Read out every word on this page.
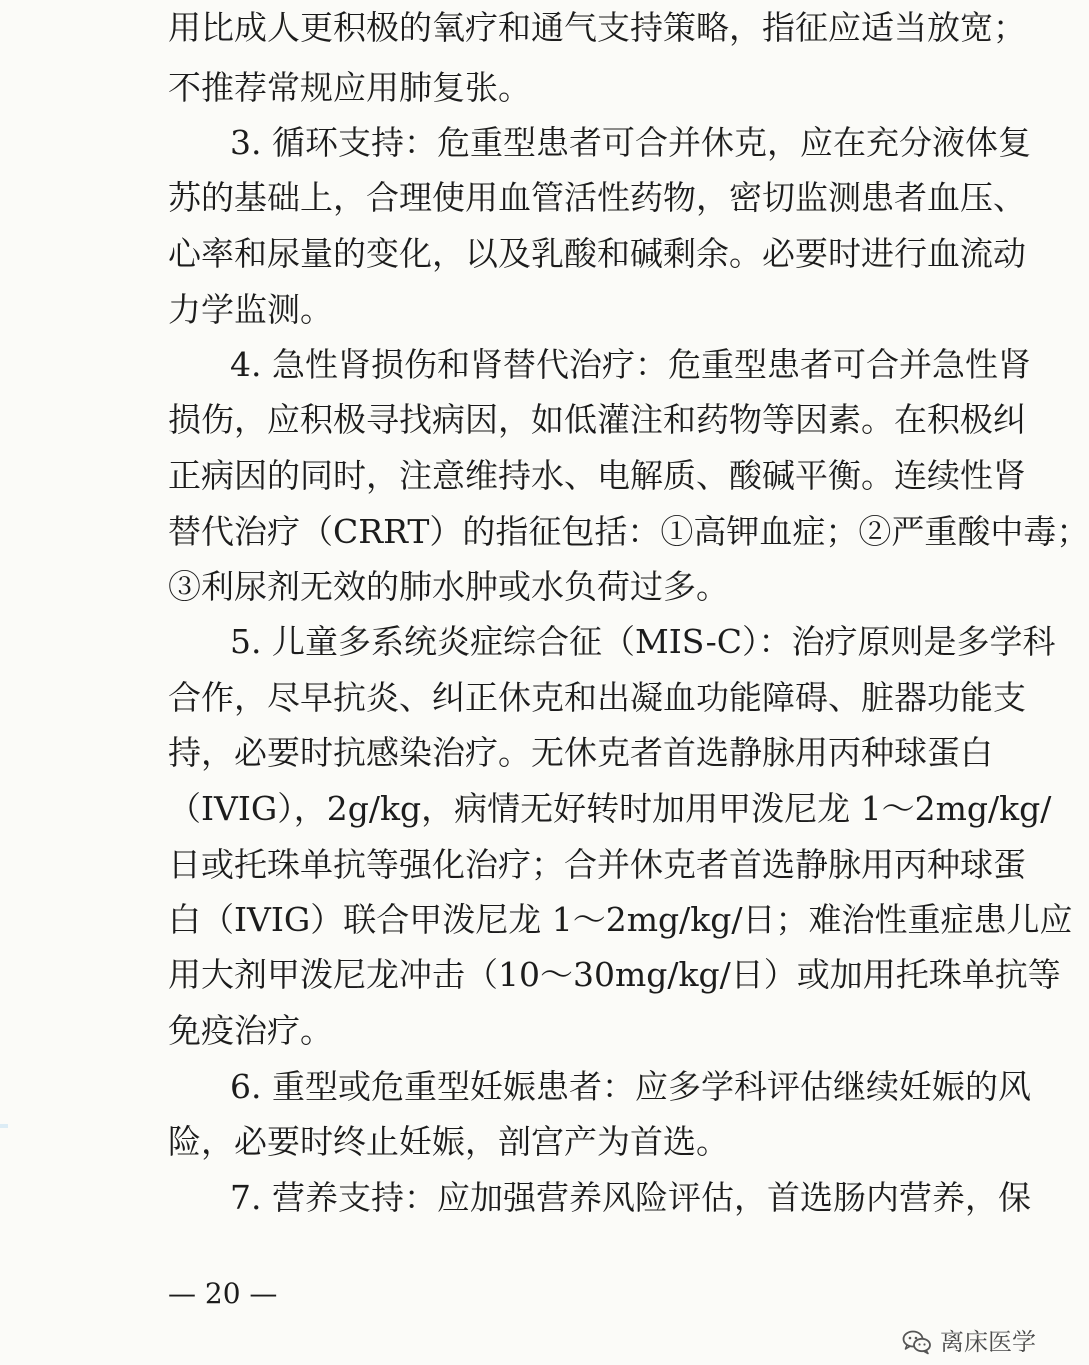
用比成人更积极的氧疗和通气支持策略，指征应适当放宽；
不推荐常规应用肺复张。
3. 循环支持：危重型患者可合并休克，应在充分液体复
苏的基础上，合理使用血管活性药物，密切监测患者血压、
心率和尿量的变化，以及乳酸和碱剩余。必要时进行血流动
力学监测。
4. 急性肾损伤和肾替代治疗：危重型患者可合并急性肾
损伤，应积极寻找病因，如低灌注和药物等因素。在积极纠
正病因的同时，注意维持水、电解质、酸碱平衡。连续性肾
替代治疗（CRRT）的指征包括：①高钾血症；②严重酸中毒；
③利尿剂无效的肺水肿或水负荷过多。
5. 儿童多系统炎症综合征（MIS-C）：治疗原则是多学科
合作，尽早抗炎、纠正休克和出凝血功能障碍、脏器功能支
持，必要时抗感染治疗。无休克者首选静脉用丙种球蛋白
（IVIG），2g/kg，病情无好转时加用甲泼尼龙 1～2mg/kg/
日或托珠单抗等强化治疗；合并休克者首选静脉用丙种球蛋
白（IVIG）联合甲泼尼龙 1～2mg/kg/日；难治性重症患儿应
用大剂甲泼尼龙冲击（10～30mg/kg/日）或加用托珠单抗等
免疫治疗。
6. 重型或危重型妊娠患者：应多学科评估继续妊娠的风
险，必要时终止妊娠，剖宫产为首选。
7. 营养支持：应加强营养风险评估，首选肠内营养，保
— 20 —
离床医学
